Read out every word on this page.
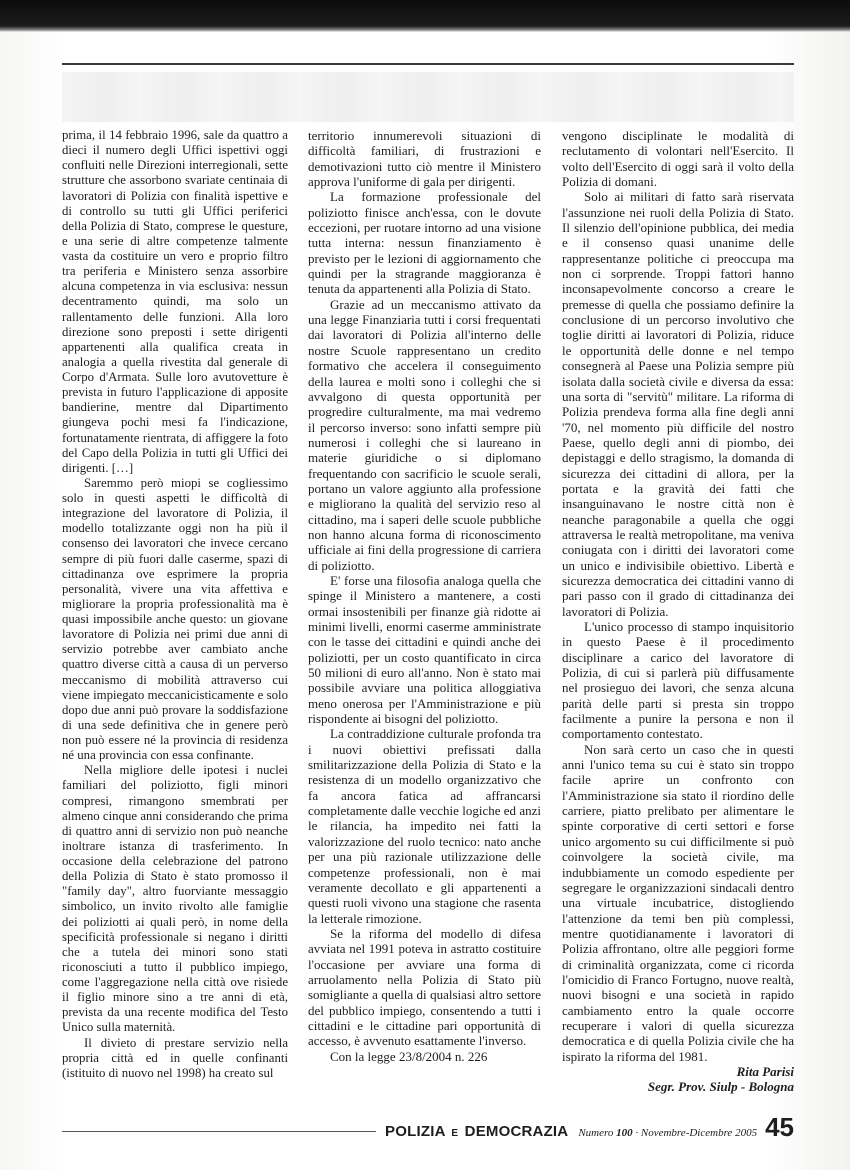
prima, il 14 febbraio 1996, sale da quattro a dieci il numero degli Uffici ispettivi oggi confluiti nelle Direzioni interregionali, sette strutture che assorbono svariate centinaia di lavoratori di Polizia con finalità ispettive e di controllo su tutti gli Uffici periferici della Polizia di Stato, comprese le questure, e una serie di altre competenze talmente vasta da costituire un vero e proprio filtro tra periferia e Ministero senza assorbire alcuna competenza in via esclusiva: nessun decentramento quindi, ma solo un rallentamento delle funzioni. Alla loro direzione sono preposti i sette dirigenti appartenenti alla qualifica creata in analogia a quella rivestita dal generale di Corpo d'Armata. Sulle loro avutovetture è prevista in futuro l'applicazione di apposite bandierine, mentre dal Dipartimento giungeva pochi mesi fa l'indicazione, fortunatamente rientrata, di affiggere la foto del Capo della Polizia in tutti gli Uffici dei dirigenti. […]

Saremmo però miopi se cogliessimo solo in questi aspetti le difficoltà di integrazione del lavoratore di Polizia, il modello totalizzante oggi non ha più il consenso dei lavoratori che invece cercano sempre di più fuori dalle caserme, spazi di cittadinanza ove esprimere la propria personalità, vivere una vita affettiva e migliorare la propria professionalità ma è quasi impossibile anche questo: un giovane lavoratore di Polizia nei primi due anni di servizio potrebbe aver cambiato anche quattro diverse città a causa di un perverso meccanismo di mobilità attraverso cui viene impiegato meccanicisticamente e solo dopo due anni può provare la soddisfazione di una sede definitiva che in genere però non può essere né la provincia di residenza né una provincia con essa confinante.

Nella migliore delle ipotesi i nuclei familiari del poliziotto, figli minori compresi, rimangono smembrati per almeno cinque anni considerando che prima di quattro anni di servizio non può neanche inoltrare istanza di trasferimento. In occasione della celebrazione del patrono della Polizia di Stato è stato promosso il "family day", altro fuorviante messaggio simbolico, un invito rivolto alle famiglie dei poliziotti ai quali però, in nome della specificità professionale si negano i diritti che a tutela dei minori sono stati riconosciuti a tutto il pubblico impiego, come l'aggregazione nella città ove risiede il figlio minore sino a tre anni di età, prevista da una recente modifica del Testo Unico sulla maternità.

Il divieto di prestare servizio nella propria città ed in quelle confinanti (istituito di nuovo nel 1998) ha creato sul

territorio innumerevoli situazioni di difficoltà familiari, di frustrazioni e demotivazioni tutto ciò mentre il Ministero approva l'uniforme di gala per dirigenti.

La formazione professionale del poliziotto finisce anch'essa, con le dovute eccezioni, per ruotare intorno ad una visione tutta interna: nessun finanziamento è previsto per le lezioni di aggiornamento che quindi per la stragrande maggioranza è tenuta da appartenenti alla Polizia di Stato.

Grazie ad un meccanismo attivato da una legge Finanziaria tutti i corsi frequentati dai lavoratori di Polizia all'interno delle nostre Scuole rappresentano un credito formativo che accelera il conseguimento della laurea e molti sono i colleghi che si avvalgono di questa opportunità per progredire culturalmente, ma mai vedremo il percorso inverso: sono infatti sempre più numerosi i colleghi che si laureano in materie giuridiche o si diplomano frequentando con sacrificio le scuole serali, portano un valore aggiunto alla professione e migliorano la qualità del servizio reso al cittadino, ma i saperi delle scuole pubbliche non hanno alcuna forma di riconoscimento ufficiale ai fini della progressione di carriera di poliziotto.

E' forse una filosofia analoga quella che spinge il Ministero a mantenere, a costi ormai insostenibili per finanze già ridotte ai minimi livelli, enormi caserme amministrate con le tasse dei cittadini e quindi anche dei poliziotti, per un costo quantificato in circa 50 milioni di euro all'anno. Non è stato mai possibile avviare una politica alloggiativa meno onerosa per l'Amministrazione e più rispondente ai bisogni del poliziotto.

La contraddizione culturale profonda tra i nuovi obiettivi prefissati dalla smilitarizzazione della Polizia di Stato e la resistenza di un modello organizzativo che fa ancora fatica ad affrancarsi completamente dalle vecchie logiche ed anzi le rilancia, ha impedito nei fatti la valorizzazione del ruolo tecnico: nato anche per una più razionale utilizzazione delle competenze professionali, non è mai veramente decollato e gli appartenenti a questi ruoli vivono una stagione che rasenta la letterale rimozione.

Se la riforma del modello di difesa avviata nel 1991 poteva in astratto costituire l'occasione per avviare una forma di arruolamento nella Polizia di Stato più somigliante a quella di qualsiasi altro settore del pubblico impiego, consentendo a tutti i cittadini e le cittadine pari opportunità di accesso, è avvenuto esattamente l'inverso.

Con la legge 23/8/2004 n. 226

vengono disciplinate le modalità di reclutamento di volontari nell'Esercito. Il volto dell'Esercito di oggi sarà il volto della Polizia di domani.

Solo ai militari di fatto sarà riservata l'assunzione nei ruoli della Polizia di Stato. Il silenzio dell'opinione pubblica, dei media e il consenso quasi unanime delle rappresentanze politiche ci preoccupa ma non ci sorprende. Troppi fattori hanno inconsapevolmente concorso a creare le premesse di quella che possiamo definire la conclusione di un percorso involutivo che toglie diritti ai lavoratori di Polizia, riduce le opportunità delle donne e nel tempo consegnerà al Paese una Polizia sempre più isolata dalla società civile e diversa da essa: una sorta di "servitù" militare. La riforma di Polizia prendeva forma alla fine degli anni '70, nel momento più difficile del nostro Paese, quello degli anni di piombo, dei depistaggi e dello stragismo, la domanda di sicurezza dei cittadini di allora, per la portata e la gravità dei fatti che insanguinavano le nostre città non è neanche paragonabile a quella che oggi attraversa le realtà metropolitane, ma veniva coniugata con i diritti dei lavoratori come un unico e indivisibile obiettivo. Libertà e sicurezza democratica dei cittadini vanno di pari passo con il grado di cittadinanza dei lavoratori di Polizia.

L'unico processo di stampo inquisitorio in questo Paese è il procedimento disciplinare a carico del lavoratore di Polizia, di cui si parlerà più diffusamente nel prosieguo dei lavori, che senza alcuna parità delle parti si presta sin troppo facilmente a punire la persona e non il comportamento contestato.

Non sarà certo un caso che in questi anni l'unico tema su cui è stato sin troppo facile aprire un confronto con l'Amministrazione sia stato il riordino delle carriere, piatto prelibato per alimentare le spinte corporative di certi settori e forse unico argomento su cui difficilmente si può coinvolgere la società civile, ma indubbiamente un comodo espediente per segregare le organizzazioni sindacali dentro una virtuale incubatrice, distogliendo l'attenzione da temi ben più complessi, mentre quotidianamente i lavoratori di Polizia affrontano, oltre alle peggiori forme di criminalità organizzata, come ci ricorda l'omicidio di Franco Fortugno, nuove realtà, nuovi bisogni e una società in rapido cambiamento entro la quale occorre recuperare i valori di quella sicurezza democratica e di quella Polizia civile che ha ispirato la riforma del 1981.

Rita Parisi

Segr. Prov. Siulp - Bologna

POLIZIA E DEMOCRAZIA Numero 100 · Novembre-Dicembre 2005 45
